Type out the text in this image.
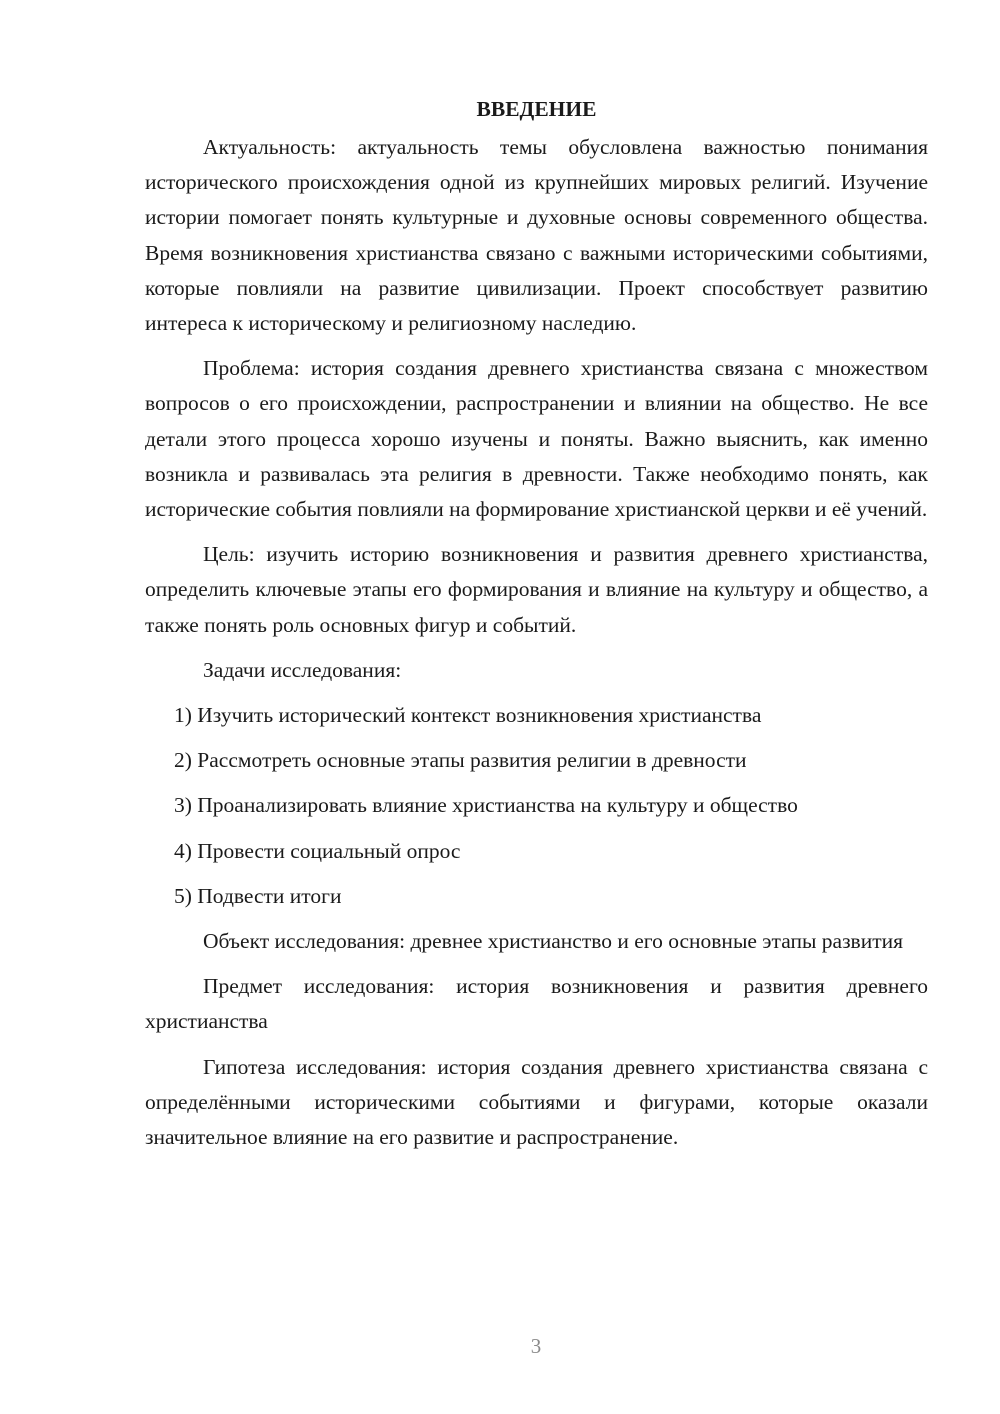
ВВЕДЕНИЕ

Актуальность: актуальность темы обусловлена важностью понимания исторического происхождения одной из крупнейших мировых религий. Изучение истории помогает понять культурные и духовные основы современного общества. Время возникновения христианства связано с важными историческими событиями, которые повлияли на развитие цивилизации. Проект способствует развитию интереса к историческому и религиозному наследию.

Проблема: история создания древнего христианства связана с множеством вопросов о его происхождении, распространении и влиянии на общество. Не все детали этого процесса хорошо изучены и поняты. Важно выяснить, как именно возникла и развивалась эта религия в древности. Также необходимо понять, как исторические события повлияли на формирование христианской церкви и её учений.

Цель: изучить историю возникновения и развития древнего христианства, определить ключевые этапы его формирования и влияние на культуру и общество, а также понять роль основных фигур и событий.

Задачи исследования:

1) Изучить исторический контекст возникновения христианства
2) Рассмотреть основные этапы развития религии в древности
3) Проанализировать влияние христианства на культуру и общество
4) Провести социальный опрос
5) Подвести итоги

Объект исследования: древнее христианство и его основные этапы развития

Предмет исследования: история возникновения и развития древнего христианства

Гипотеза исследования: история создания древнего христианства связана с определёнными историческими событиями и фигурами, которые оказали значительное влияние на его развитие и распространение.

3
